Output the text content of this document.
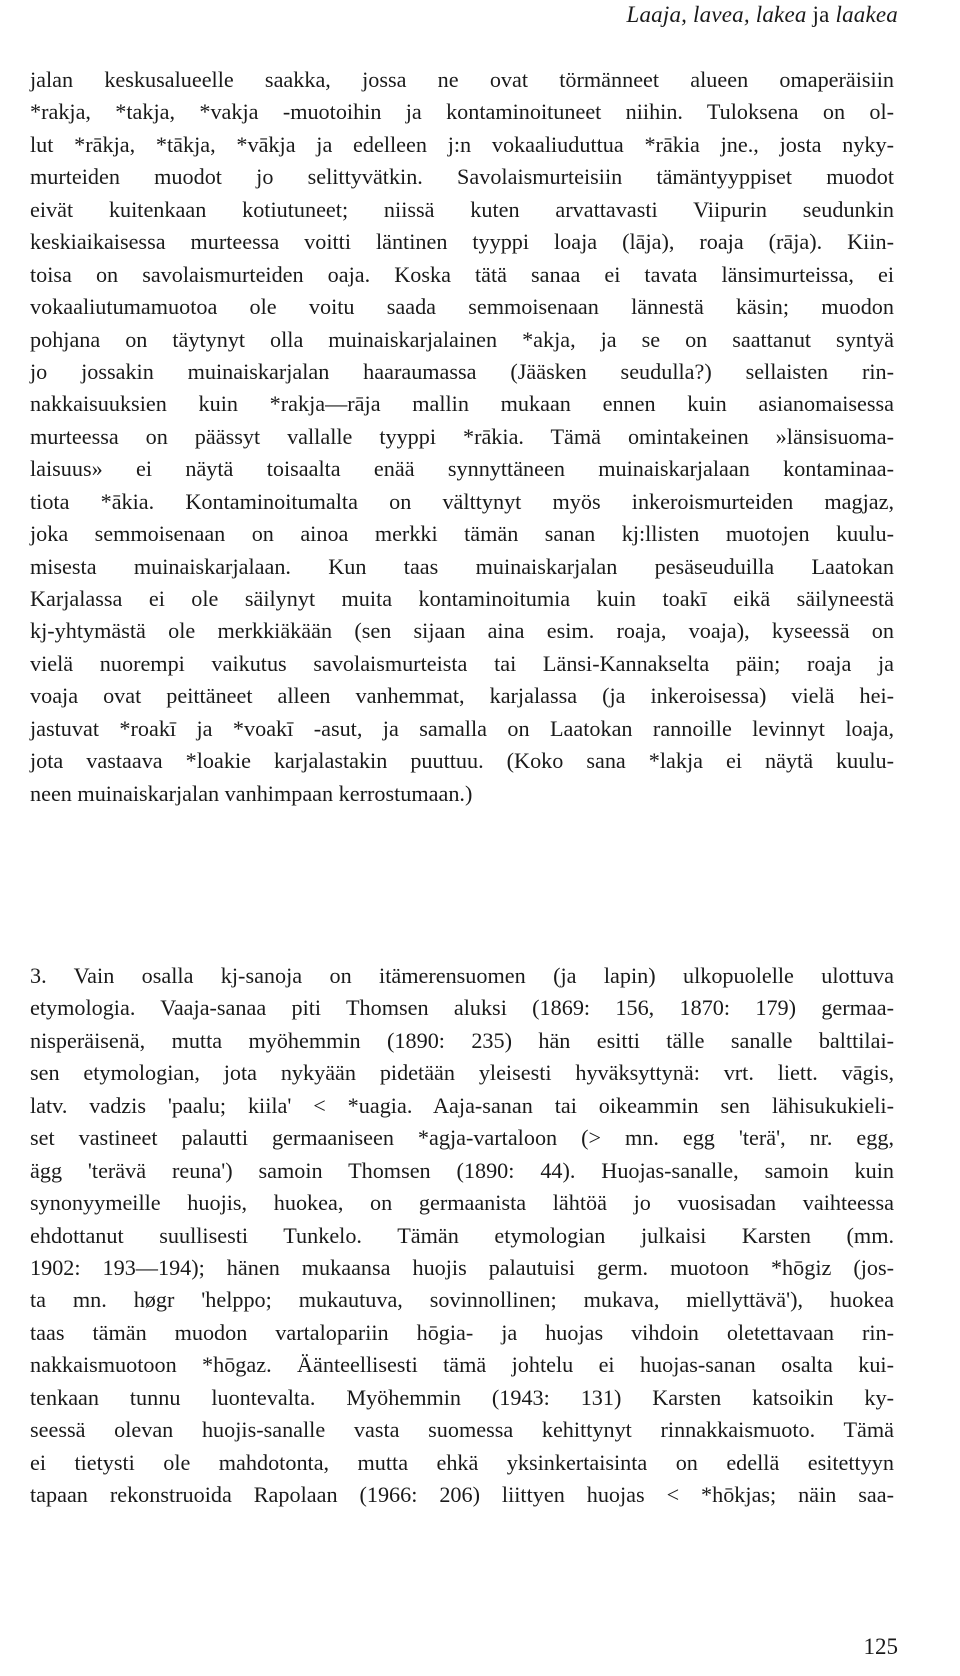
Laaja, lavea, lakea ja laakea
jalan keskusalueelle saakka, jossa ne ovat törmänneet alueen omaperäisiin
*rakja, *takja, *vakja -muotoihin ja kontaminoituneet niihin. Tuloksena on ol-
lut *rākja, *tākja, *vākja ja edelleen j:n vokaaliuduttua *rākia jne., josta nyky-
murteiden muodot jo selittyvätkin. Savolaismurteisiin tämäntyyppiset muodot
eivät kuitenkaan kotiutuneet; niissä kuten arvattavasti Viipurin seudunkin
keskiaikaisessa murteessa voitti läntinen tyyppi loaja (lāja), roaja (rāja). Kiin-
toisa on savolaismurteiden oaja. Koska tätä sanaa ei tavata länsimurteissa, ei
vokaaliutumamuotoa ole voitu saada semmoisenaan lännestä käsin; muodon
pohjana on täytynyt olla muinaiskarjalainen *akja, ja se on saattanut syntyä
jo jossakin muinaiskarjalan haaraumassa (Jääsken seudulla?) sellaisten rin-
nakkaisuuksien kuin *rakja—rāja mallin mukaan ennen kuin asianomaisessa
murteessa on päässyt vallalle tyyppi *rākia. Tämä omintakeinen »länsisuoma-
laisuus» ei näytä toisaalta enää synnyttäneen muinaiskarjalaan kontaminaa-
tiota *ākia. Kontaminoitumalta on välttynyt myös inkeroismurteiden magjaz,
joka semmoisenaan on ainoa merkki tämän sanan kj:llisten muotojen kuulu-
misesta muinaiskarjalaan. Kun taas muinaiskarjalan pesäseuduilla Laatokan
Karjalassa ei ole säilynyt muita kontaminoitumia kuin toakī eikä säilyneestä
kj-yhtymästä ole merkkiäkään (sen sijaan aina esim. roaja, voaja), kyseessä on
vielä nuorempi vaikutus savolaismurteista tai Länsi-Kannakselta päin; roaja ja
voaja ovat peittäneet alleen vanhemmat, karjalassa (ja inkeroisessa) vielä hei-
jastuvat *roakī ja *voakī -asut, ja samalla on Laatokan rannoille levinnyt loaja,
jota vastaava *loakie karjalastakin puuttuu. (Koko sana *lakja ei näytä kuulu-
neen muinaiskarjalan vanhimpaan kerrostumaan.)
3. Vain osalla kj-sanoja on itämerensuomen (ja lapin) ulkopuolelle ulottuva
etymologia. Vaaja-sanaa piti Thomsen aluksi (1869: 156, 1870: 179) germaa-
nisperäisenä, mutta myöhemmin (1890: 235) hän esitti tälle sanalle balttilai-
sen etymologian, jota nykyään pidetään yleisesti hyväksyttynä: vrt. liett. vāgis,
latv. vadzis 'paalu; kiila' < *uagia. Aaja-sanan tai oikeammin sen lähisukukieli-
set vastineet palautti germaaniseen *agja-vartaloon (> mn. egg 'terä', nr. egg,
ägg 'terävä reuna') samoin Thomsen (1890: 44). Huojas-sanalle, samoin kuin
synonyymeille huojis, huokea, on germaanista lähtöä jo vuosisadan vaihteessa
ehdottanut suullisesti Tunkelo. Tämän etymologian julkaisi Karsten (mm.
1902: 193—194); hänen mukaansa huojis palautuisi germ. muotoon *hōgiz (jos-
ta mn. høgr 'helppo; mukautuva, sovinnollinen; mukava, miellyttävä'), huokea
taas tämän muodon vartalopariin hōgia- ja huojas vihdoin oletettavaan rin-
nakkaismuotoon *hōgaz. Äänteellisesti tämä johtelu ei huojas-sanan osalta kui-
tenkaan tunnu luontevalta. Myöhemmin (1943: 131) Karsten katsoikin ky-
seessä olevan huojis-sanalle vasta suomessa kehittynyt rinnakkaismuoto. Tämä
ei tietysti ole mahdotonta, mutta ehkä yksinkertaisinta on edellä esitettyyn
tapaan rekonstruoida Rapolaan (1966: 206) liittyen huojas < *hōkjas; näin saa-
125
